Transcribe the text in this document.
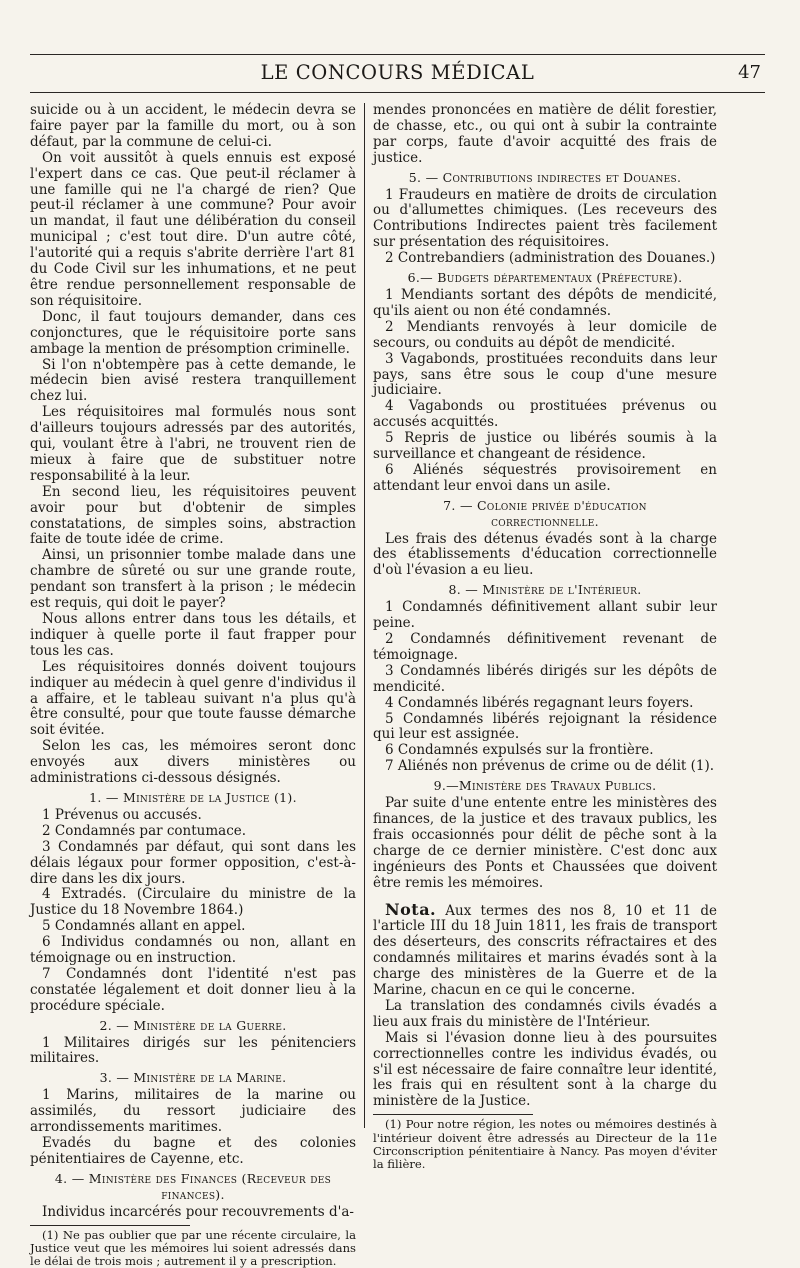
LE CONCOURS MÉDICAL	47

suicide ou à un accident, le médecin devra se faire payer par la famille du mort, ou à son défaut, par la commune de celui-ci.

On voit aussitôt à quels ennuis est exposé l'expert dans ce cas. Que peut-il réclamer à une famille qui ne l'a chargé de rien? Que peut-il réclamer à une commune? Pour avoir un mandat, il faut une délibération du conseil municipal ; c'est tout dire. D'un autre côté, l'autorité qui a requis s'abrite derrière l'art 81 du Code Civil sur les inhumations, et ne peut être rendue personnellement responsable de son réquisitoire.

Donc, il faut toujours demander, dans ces conjonctures, que le réquisitoire porte sans ambage la mention de présomption criminelle.

Si l'on n'obtempère pas à cette demande, le médecin bien avisé restera tranquillement chez lui.

Les réquisitoires mal formulés nous sont d'ailleurs toujours adressés par des autorités, qui, voulant être à l'abri, ne trouvent rien de mieux à faire que de substituer notre responsabilité à la leur.

En second lieu, les réquisitoires peuvent avoir pour but d'obtenir de simples constatations, de simples soins, abstraction faite de toute idée de crime.

Ainsi, un prisonnier tombe malade dans une chambre de sûreté ou sur une grande route, pendant son transfert à la prison ; le médecin est requis, qui doit le payer?

Nous allons entrer dans tous les détails, et indiquer à quelle porte il faut frapper pour tous les cas.

Les réquisitoires donnés doivent toujours indiquer au médecin à quel genre d'individus il a affaire, et le tableau suivant n'a plus qu'à être consulté, pour que toute fausse démarche soit évitée.

Selon les cas, les mémoires seront donc envoyés aux divers ministères ou administrations ci-dessous désignés.

1. — Ministère de la Justice (1).

1 Prévenus ou accusés.

2 Condamnés par contumace.

3 Condamnés par défaut, qui sont dans les délais légaux pour former opposition, c'est-à-dire dans les dix jours.

4 Extradés. (Circulaire du ministre de la Justice du 18 Novembre 1864.)

5 Condamnés allant en appel.

6 Individus condamnés ou non, allant en témoignage ou en instruction.

7 Condamnés dont l'identité n'est pas constatée légalement et doit donner lieu à la procédure spéciale.

2. — Ministère de la Guerre.

1 Militaires dirigés sur les pénitenciers militaires.

3. — Ministère de la Marine.

1 Marins, militaires de la marine ou assimilés, du ressort judiciaire des arrondissements maritimes.

Evadés du bagne et des colonies pénitentiaires de Cayenne, etc.

4. — Ministère des Finances (Receveur des finances).

Individus incarcérés pour recouvrements d'a-

(1) Ne pas oublier que par une récente circulaire, la Justice veut que les mémoires lui soient adressés dans le délai de trois mois ; autrement il y a prescription.

mendes prononcées en matière de délit forestier, de chasse, etc., ou qui ont à subir la contrainte par corps, faute d'avoir acquitté des frais de justice.

5. — Contributions indirectes et Douanes.

1 Fraudeurs en matière de droits de circulation ou d'allumettes chimiques. (Les receveurs des Contributions Indirectes paient très facilement sur présentation des réquisitoires.

2 Contrebandiers (administration des Douanes.)

6.— Budgets départementaux (Préfecture).

1 Mendiants sortant des dépôts de mendicité, qu'ils aient ou non été condamnés.

2 Mendiants renvoyés à leur domicile de secours, ou conduits au dépôt de mendicité.

3 Vagabonds, prostituées reconduits dans leur pays, sans être sous le coup d'une mesure judiciaire.

4 Vagabonds ou prostituées prévenus ou accusés acquittés.

5 Repris de justice ou libérés soumis à la surveillance et changeant de résidence.

6 Aliénés séquestrés provisoirement en attendant leur envoi dans un asile.

7. — Colonie privée d'éducation
correctionnelle.

Les frais des détenus évadés sont à la charge des établissements d'éducation correctionnelle d'où l'évasion a eu lieu.

8. — Ministère de l'Intérieur.

1 Condamnés définitivement allant subir leur peine.

2 Condamnés définitivement revenant de témoignage.

3 Condamnés libérés dirigés sur les dépôts de mendicité.

4 Condamnés libérés regagnant leurs foyers.

5 Condamnés libérés rejoignant la résidence qui leur est assignée.

6 Condamnés expulsés sur la frontière.

7 Aliénés non prévenus de crime ou de délit (1).

9.—Ministère des Travaux Publics.

Par suite d'une entente entre les ministères des finances, de la justice et des travaux publics, les frais occasionnés pour délit de pêche sont à la charge de ce dernier ministère. C'est donc aux ingénieurs des Ponts et Chaussées que doivent être remis les mémoires.

Nota. Aux termes des nos 8, 10 et 11 de l'article III du 18 Juin 1811, les frais de transport des déserteurs, des conscrits réfractaires et des condamnés militaires et marins évadés sont à la charge des ministères de la Guerre et de la Marine, chacun en ce qui le concerne.

La translation des condamnés civils évadés a lieu aux frais du ministère de l'Intérieur.

Mais si l'évasion donne lieu à des poursuites correctionnelles contre les individus évadés, ou s'il est nécessaire de faire connaître leur identité, les frais qui en résultent sont à la charge du ministère de la Justice.

(1) Pour notre région, les notes ou mémoires destinés à l'intérieur doivent être adressés au Directeur de la 11e Circonscription pénitentiaire à Nancy. Pas moyen d'éviter la filière.
